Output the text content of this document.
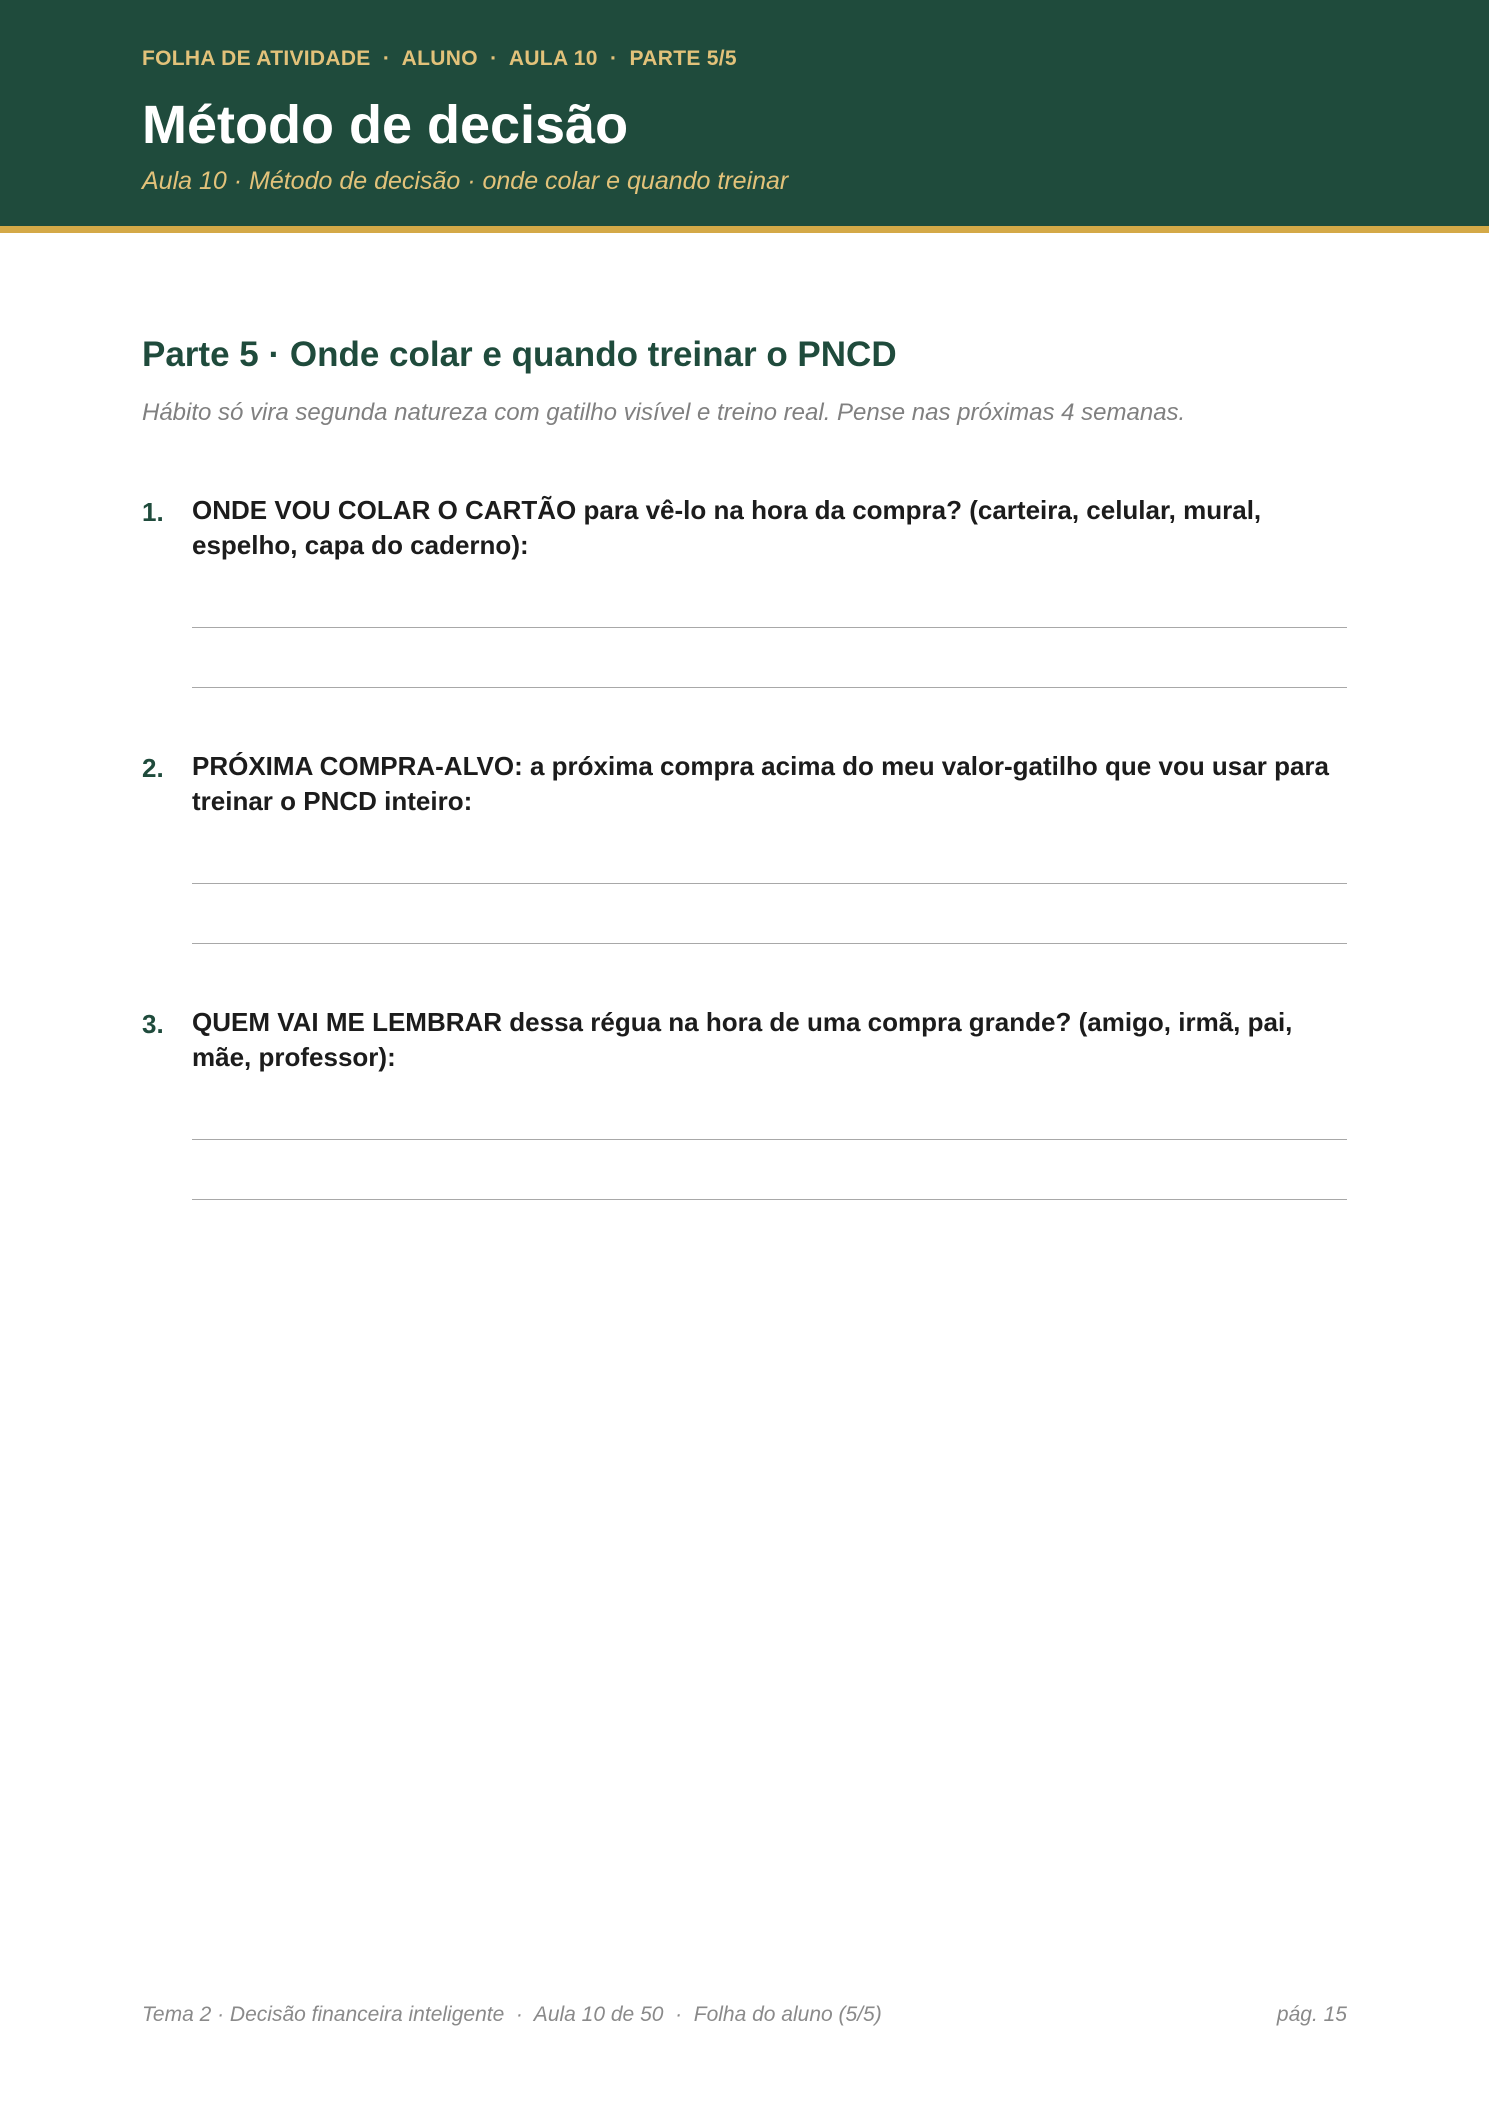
FOLHA DE ATIVIDADE  ·  ALUNO  ·  AULA 10  ·  PARTE 5/5
Método de decisão
Aula 10 · Método de decisão · onde colar e quando treinar
Parte 5 · Onde colar e quando treinar o PNCD
Hábito só vira segunda natureza com gatilho visível e treino real. Pense nas próximas 4 semanas.
1. ONDE VOU COLAR O CARTÃO para vê-lo na hora da compra? (carteira, celular, mural, espelho, capa do caderno):
2. PRÓXIMA COMPRA-ALVO: a próxima compra acima do meu valor-gatilho que vou usar para treinar o PNCD inteiro:
3. QUEM VAI ME LEMBRAR dessa régua na hora de uma compra grande? (amigo, irmã, pai, mãe, professor):
Tema 2 · Decisão financeira inteligente  ·  Aula 10 de 50  ·  Folha do aluno (5/5)	pág. 15
